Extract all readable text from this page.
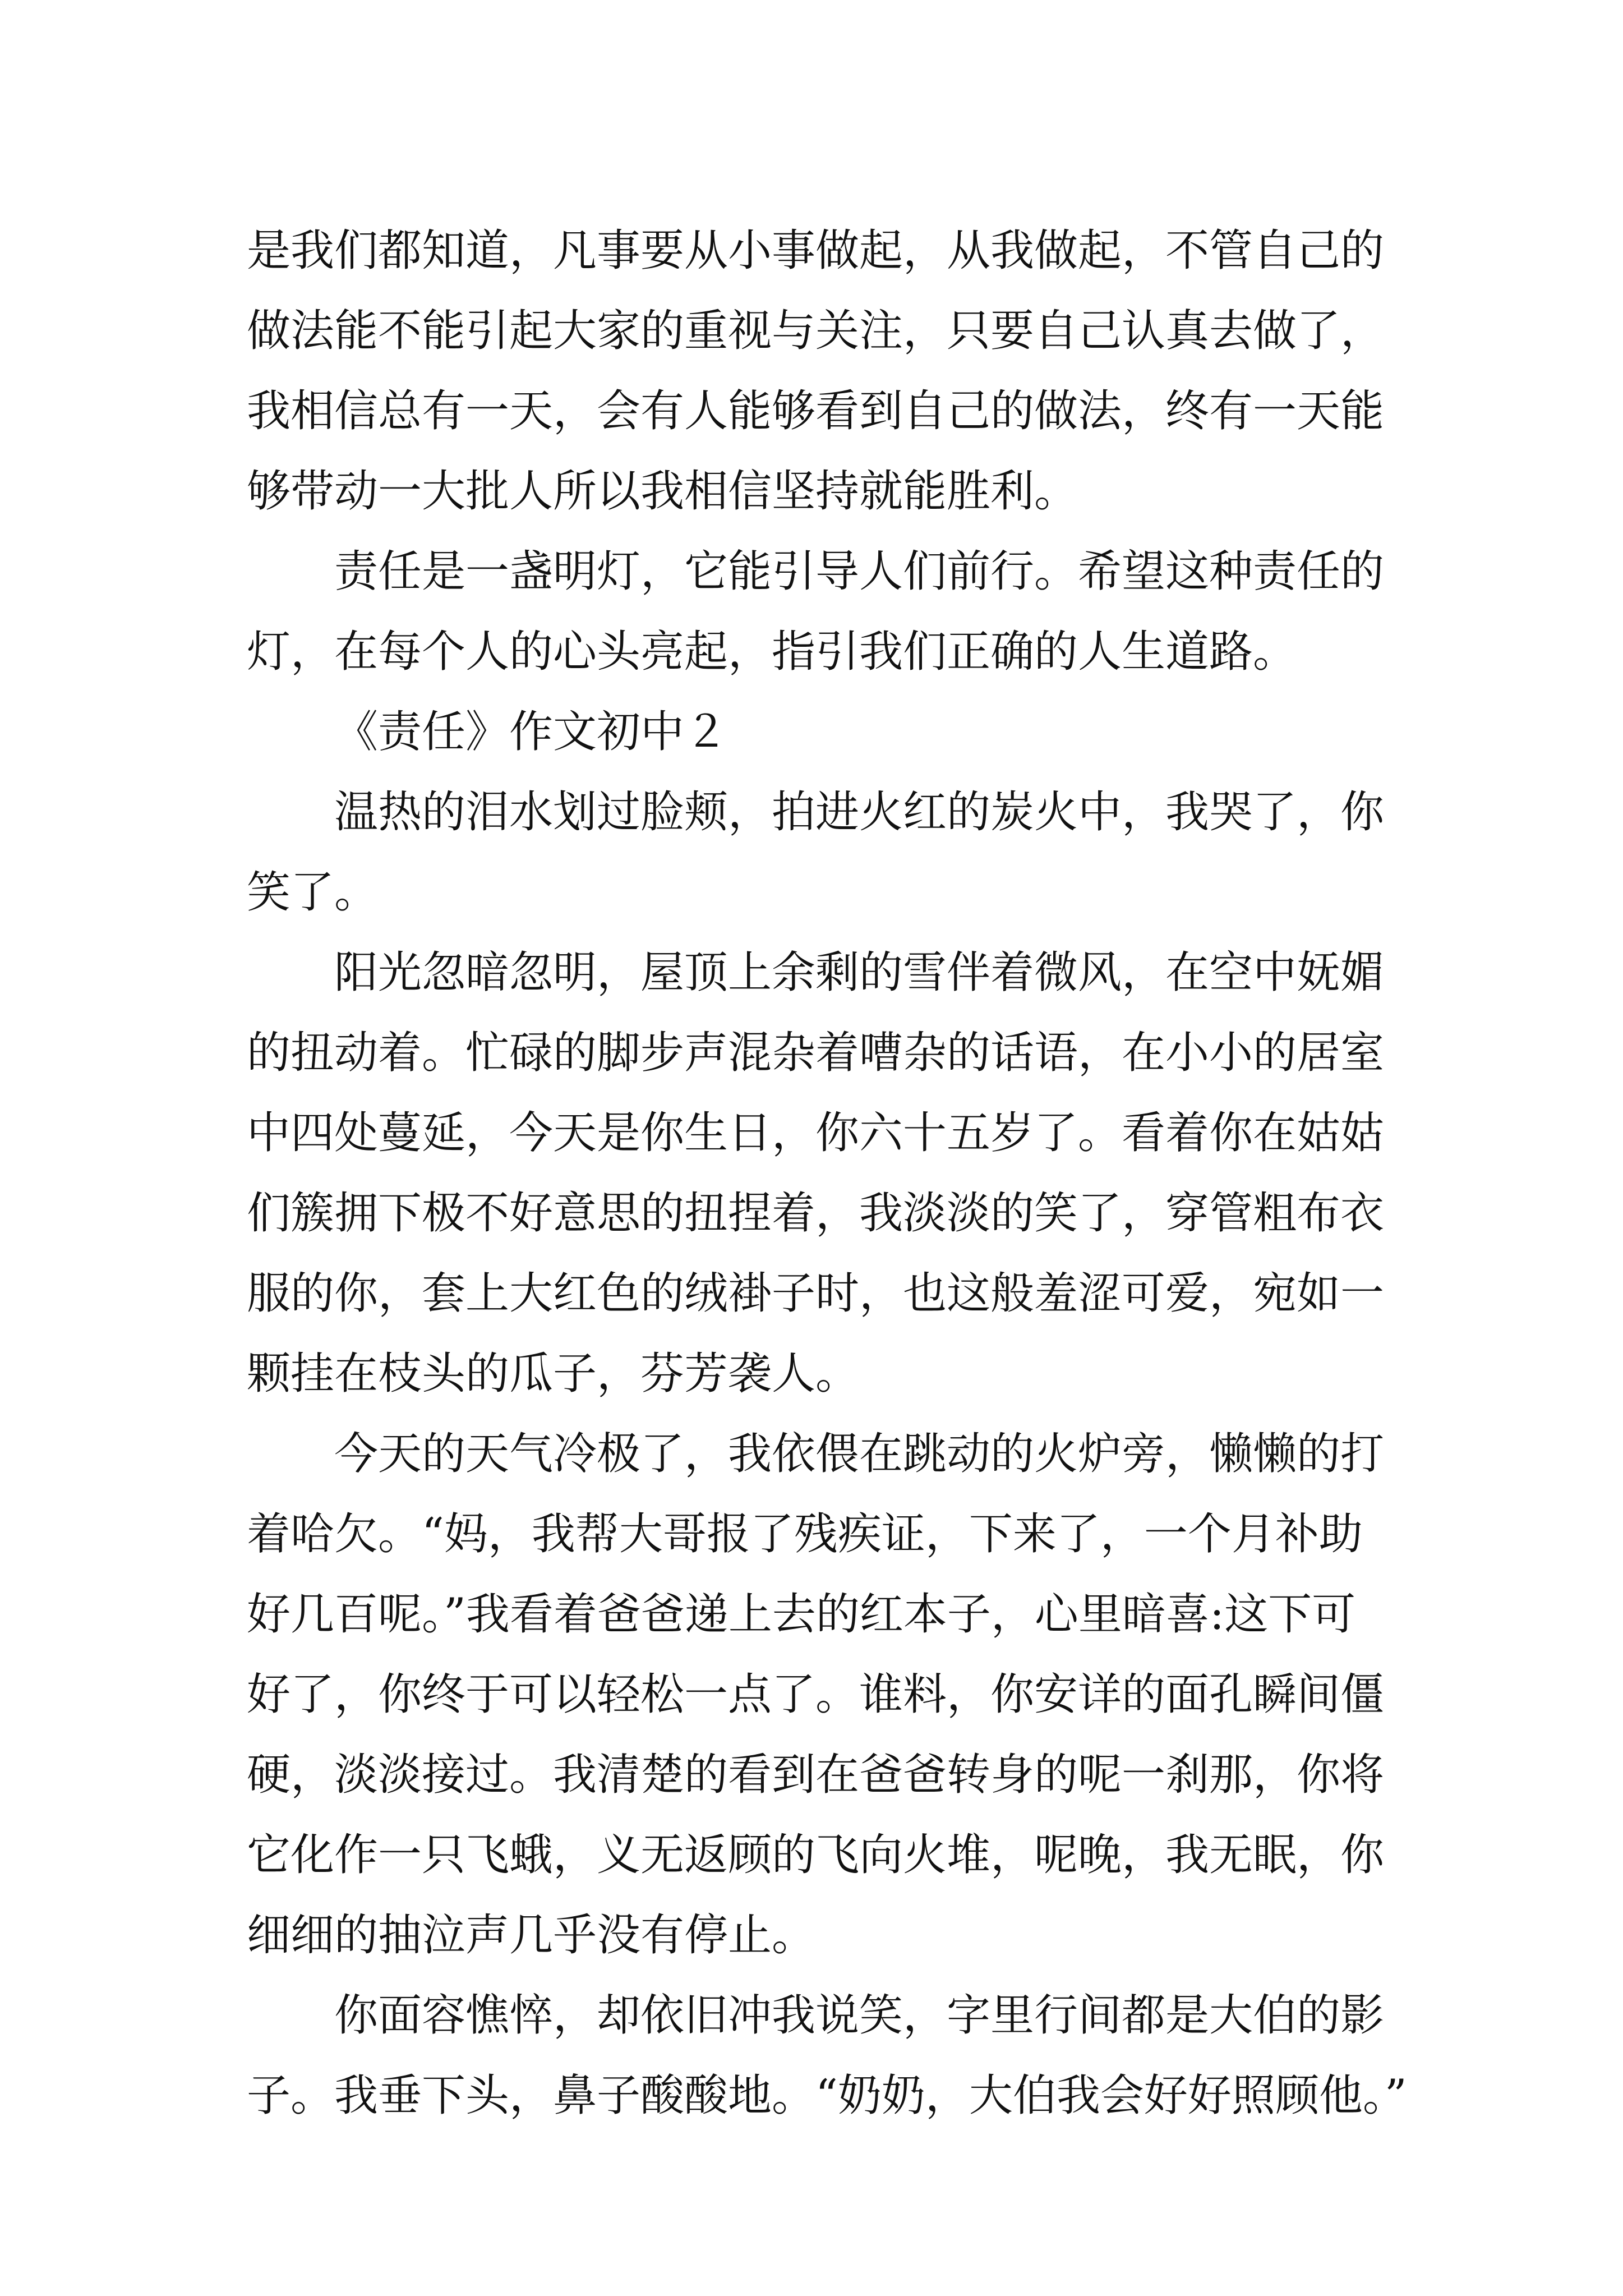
是我们都知道，凡事要从小事做起，从我做起，不管自己的
做法能不能引起大家的重视与关注，只要自己认真去做了，
我相信总有一天，会有人能够看到自己的做法，终有一天能
够带动一大批人所以我相信坚持就能胜利。
责任是一盏明灯，它能引导人们前行。希望这种责任的
灯，在每个人的心头亮起，指引我们正确的人生道路。
《责任》作文初中２
温热的泪水划过脸颊，拍进火红的炭火中，我哭了，你
笑了。
阳光忽暗忽明，屋顶上余剩的雪伴着微风，在空中妩媚
的扭动着。忙碌的脚步声混杂着嘈杂的话语，在小小的居室
中四处蔓延，今天是你生日，你六十五岁了。看着你在姑姑
们簇拥下极不好意思的扭捏着，我淡淡的笑了，穿管粗布衣
服的你，套上大红色的绒褂子时，也这般羞涩可爱，宛如一
颗挂在枝头的瓜子，芬芳袭人。
今天的天气冷极了，我依偎在跳动的火炉旁，懒懒的打
着哈欠。“妈，我帮大哥报了残疾证，下来了，一个月补助
好几百呢。”我看着爸爸递上去的红本子，心里暗喜:这下可
好了，你终于可以轻松一点了。谁料，你安详的面孔瞬间僵
硬，淡淡接过。我清楚的看到在爸爸转身的呢一刹那，你将
它化作一只飞蛾，义无返顾的飞向火堆，呢晚，我无眠，你
细细的抽泣声几乎没有停止。
你面容憔悴，却依旧冲我说笑，字里行间都是大伯的影
子。我垂下头，鼻子酸酸地。“奶奶，大伯我会好好照顾他。”
